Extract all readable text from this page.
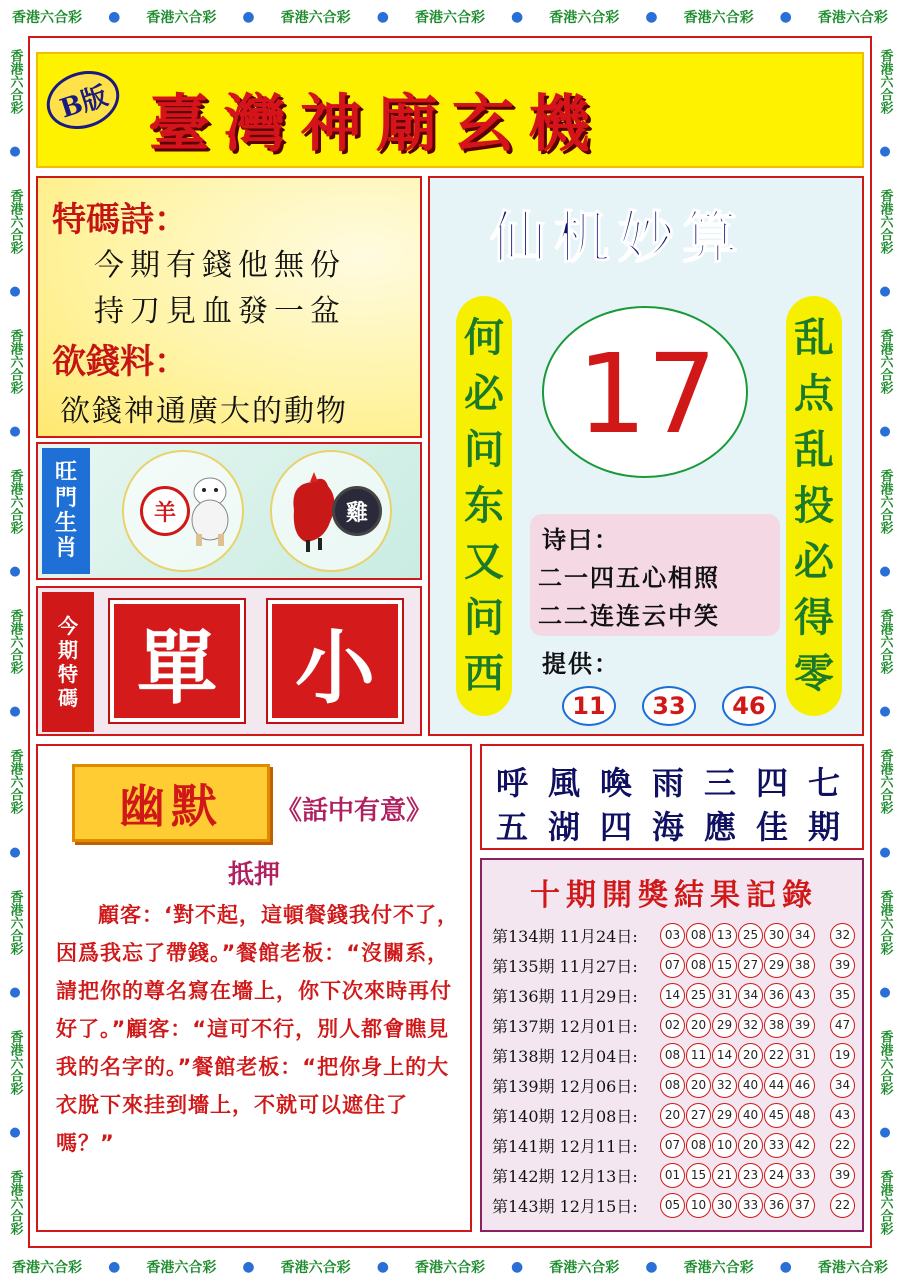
香港六合彩 ● 香港六合彩 ● 香港六合彩 ● 香港六合彩 ● 香港六合彩 ● 香港六合彩 ● 香港六合彩
香港六合彩 ● 香港六合彩 ● 香港六合彩 ● 香港六合彩 ● 香港六合彩 ● 香港六合彩 ● 香港六合彩
香港六合彩
●
香港六合彩
●
香港六合彩
●
香港六合彩
●
香港六合彩
●
香港六合彩
●
香港六合彩
●
香港六合彩
●
香港六合彩
香港六合彩
●
香港六合彩
●
香港六合彩
●
香港六合彩
●
香港六合彩
●
香港六合彩
●
香港六合彩
●
香港六合彩
●
香港六合彩
B版 臺灣神廟玄機
特碼詩：
今期有錢他無份
持刀見血發一盆
欲錢料：
欲錢神通廣大的動物
旺
門
生
肖
羊	雞
今
期
特
碼 單 小
仙机妙算
何
必
问
东
又
问
西
乱
点
乱
投
必
得
零
17
诗曰：
二一四五心相照
二二连连云中笑
提供：
11	33	46
幽默 《話中有意》
抵押
顧客：‘對不起，這頓餐錢我付不了，因爲我忘了帶錢。”餐館老板：“沒關系，請把你的尊名寫在墻上，你下次來時再付好了。”顧客：“這可不行，別人都會瞧見我的名字的。”餐館老板：“把你身上的大衣脫下來挂到墻上，不就可以遮住了嗎？”
呼風喚雨三四七
五湖四海應佳期
十期開獎結果記錄
第134期 11月24日:	03 08 13 25 30 34	32
第135期 11月27日:	07 08 15 27 29 38	39
第136期 11月29日:	14 25 31 34 36 43	35
第137期 12月01日:	02 20 29 32 38 39	47
第138期 12月04日:	08 11 14 20 22 31	19
第139期 12月06日:	08 20 32 40 44 46	34
第140期 12月08日:	20 27 29 40 45 48	43
第141期 12月11日:	07 08 10 20 33 42	22
第142期 12月13日:	01 15 21 23 24 33	39
第143期 12月15日:	05 10 30 33 36 37	22
